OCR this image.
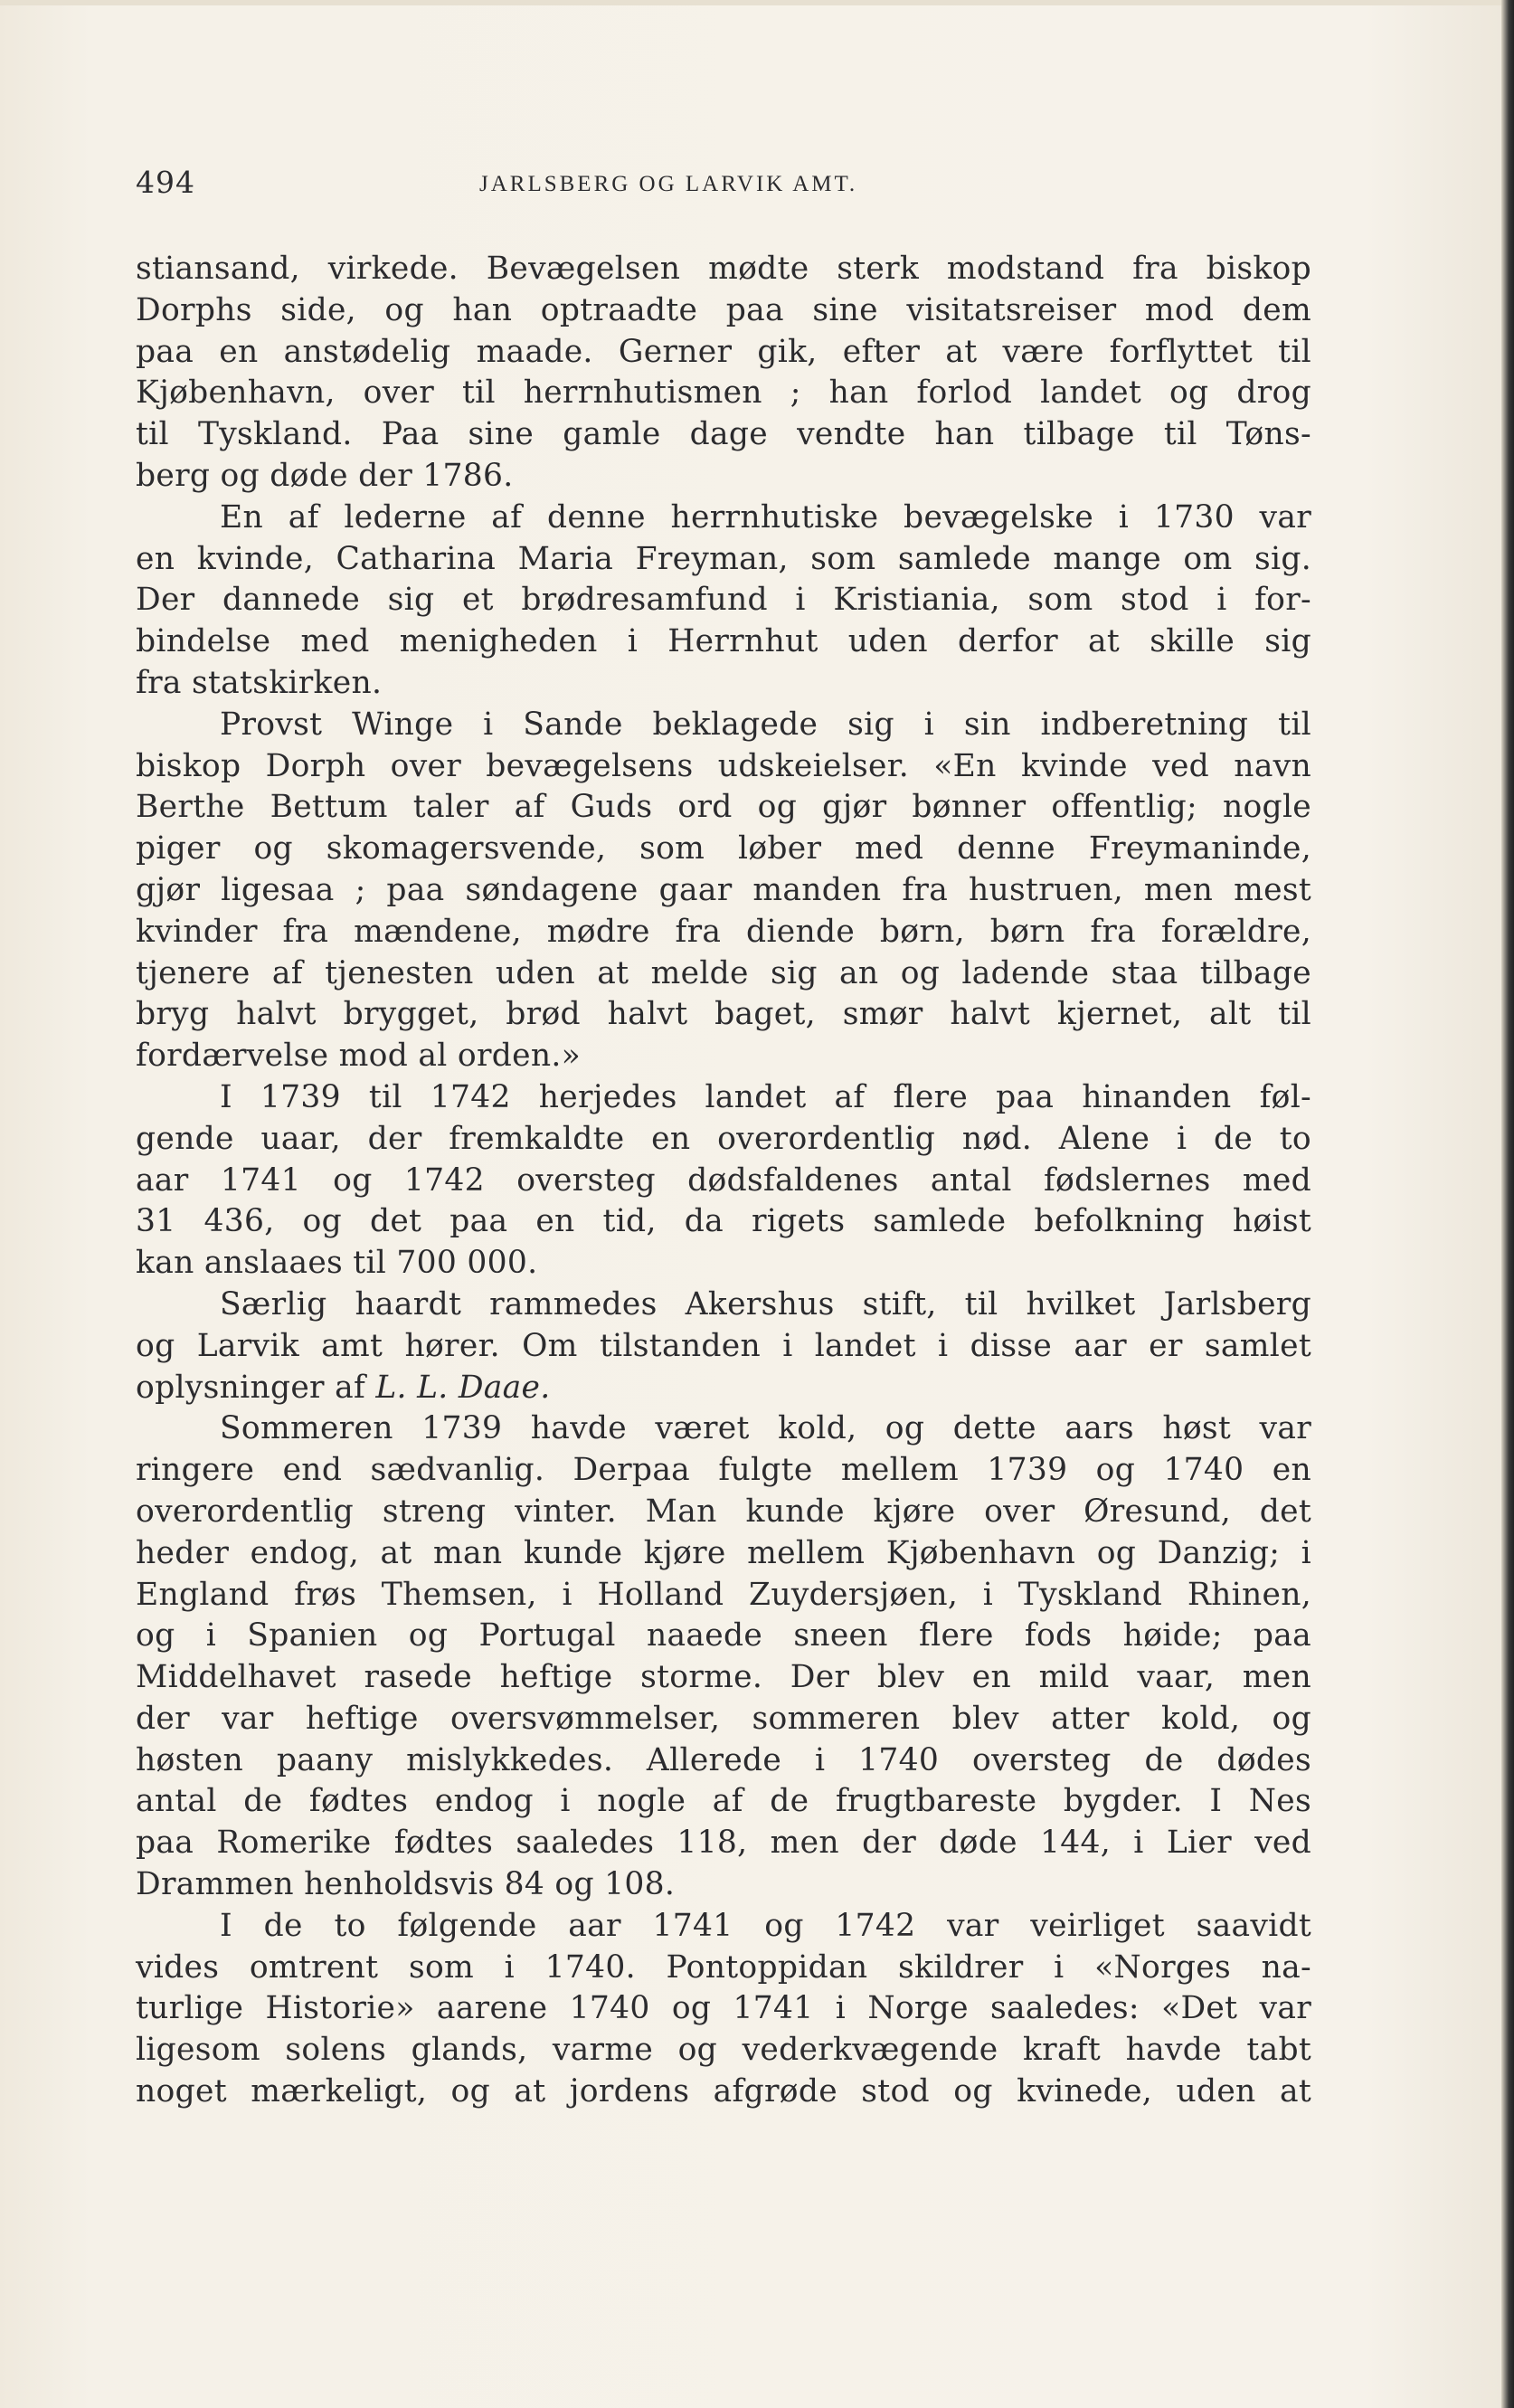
494	JARLSBERG OG LARVIK AMT.
stiansand, virkede. Bevægelsen mødte sterk modstand fra biskop
Dorphs side, og han optraadte paa sine visitatsreiser mod dem
paa en anstødelig maade. Gerner gik, efter at være forflyttet til
Kjøbenhavn, over til herrnhutismen ; han forlod landet og drog
til Tyskland. Paa sine gamle dage vendte han tilbage til Tøns-
berg og døde der 1786.
En af lederne af denne herrnhutiske bevægelske i 1730 var
en kvinde, Catharina Maria Freyman, som samlede mange om sig.
Der dannede sig et brødresamfund i Kristiania, som stod i for-
bindelse med menigheden i Herrnhut uden derfor at skille sig
fra statskirken.
Provst Winge i Sande beklagede sig i sin indberetning til
biskop Dorph over bevægelsens udskeielser. «En kvinde ved navn
Berthe Bettum taler af Guds ord og gjør bønner offentlig; nogle
piger og skomagersvende, som løber med denne Freymaninde,
gjør ligesaa ; paa søndagene gaar manden fra hustruen, men mest
kvinder fra mændene, mødre fra diende børn, børn fra forældre,
tjenere af tjenesten uden at melde sig an og ladende staa tilbage
bryg halvt brygget, brød halvt baget, smør halvt kjernet, alt til
fordærvelse mod al orden.»
I 1739 til 1742 herjedes landet af flere paa hinanden føl-
gende uaar, der fremkaldte en overordentlig nød. Alene i de to
aar 1741 og 1742 oversteg dødsfaldenes antal fødslernes med
31 436, og det paa en tid, da rigets samlede befolkning høist
kan anslaaes til 700 000.
Særlig haardt rammedes Akershus stift, til hvilket Jarlsberg
og Larvik amt hører. Om tilstanden i landet i disse aar er samlet
oplysninger af L. L. Daae.
Sommeren 1739 havde været kold, og dette aars høst var
ringere end sædvanlig. Derpaa fulgte mellem 1739 og 1740 en
overordentlig streng vinter. Man kunde kjøre over Øresund, det
heder endog, at man kunde kjøre mellem Kjøbenhavn og Danzig; i
England frøs Themsen, i Holland Zuydersjøen, i Tyskland Rhinen,
og i Spanien og Portugal naaede sneen flere fods høide; paa
Middelhavet rasede heftige storme. Der blev en mild vaar, men
der var heftige oversvømmelser, sommeren blev atter kold, og
høsten paany mislykkedes. Allerede i 1740 oversteg de dødes
antal de fødtes endog i nogle af de frugtbareste bygder. I Nes
paa Romerike fødtes saaledes 118, men der døde 144, i Lier ved
Drammen henholdsvis 84 og 108.
I de to følgende aar 1741 og 1742 var veirliget saavidt
vides omtrent som i 1740. Pontoppidan skildrer i «Norges na-
turlige Historie» aarene 1740 og 1741 i Norge saaledes: «Det var
ligesom solens glands, varme og vederkvægende kraft havde tabt
noget mærkeligt, og at jordens afgrøde stod og kvinede, uden at
